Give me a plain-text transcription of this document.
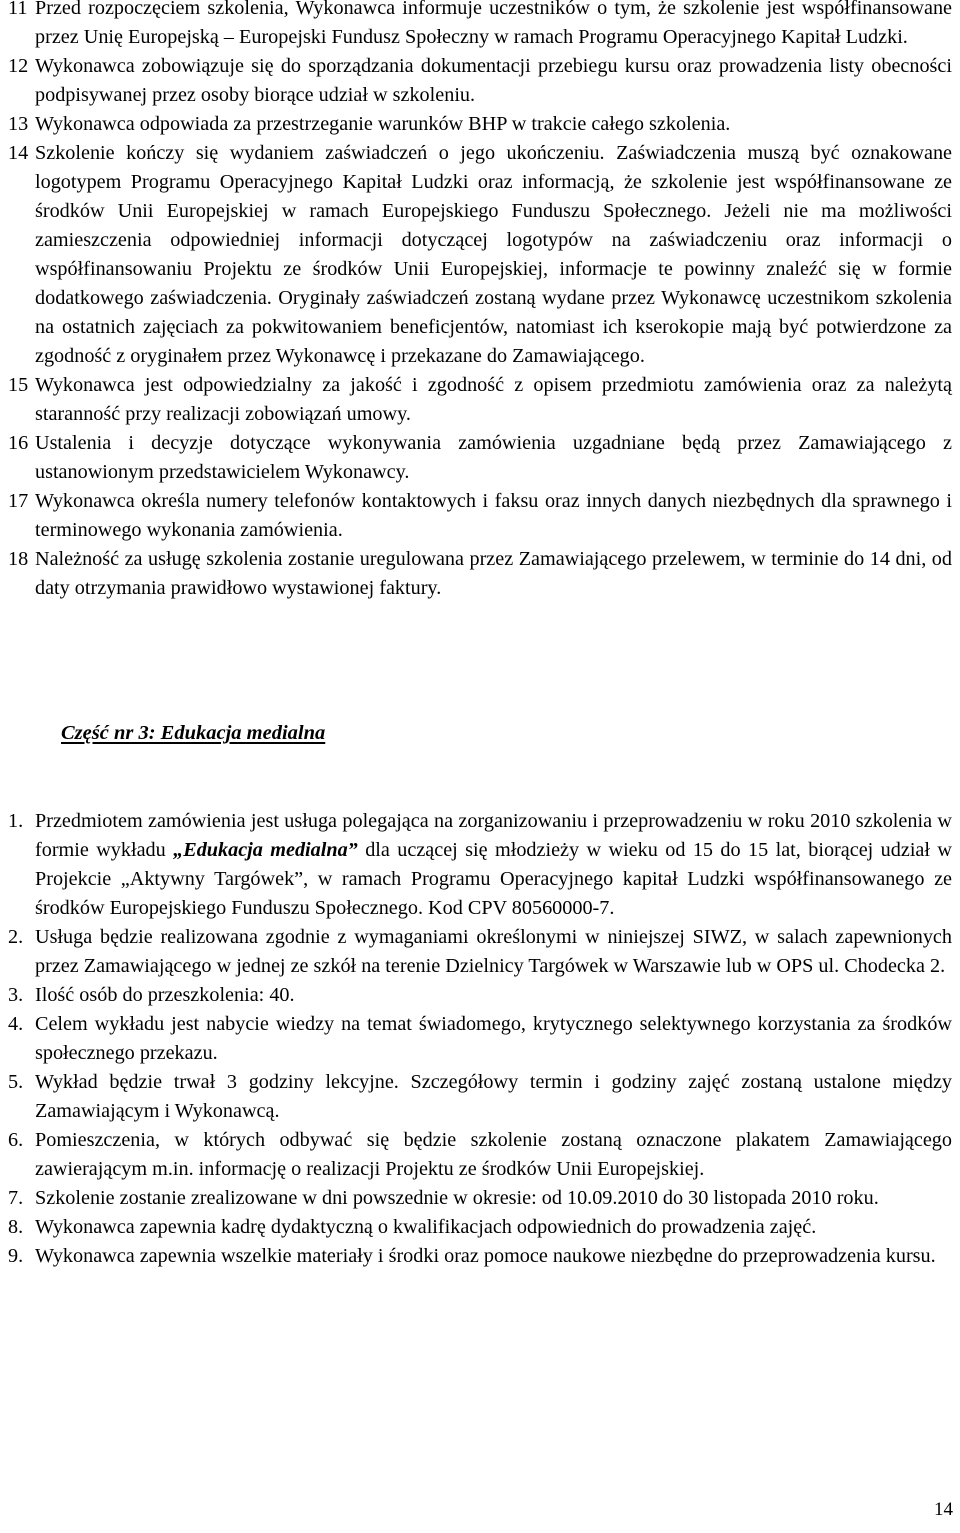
11 Przed rozpoczęciem szkolenia, Wykonawca informuje uczestników o tym, że szkolenie jest współfinansowane przez Unię Europejską – Europejski Fundusz Społeczny w ramach Programu Operacyjnego Kapitał Ludzki.
12 Wykonawca zobowiązuje się do sporządzania dokumentacji przebiegu kursu oraz prowadzenia listy obecności podpisywanej przez osoby biorące udział w szkoleniu.
13 Wykonawca odpowiada za przestrzeganie warunków BHP w trakcie całego szkolenia.
14 Szkolenie kończy się wydaniem zaświadczeń o jego ukończeniu. Zaświadczenia muszą być oznakowane logotypem Programu Operacyjnego Kapitał Ludzki oraz informacją, że szkolenie jest współfinansowane ze środków Unii Europejskiej w ramach Europejskiego Funduszu Społecznego. Jeżeli nie ma możliwości zamieszczenia odpowiedniej informacji dotyczącej logotypów na zaświadczeniu oraz informacji o współfinansowaniu Projektu ze środków Unii Europejskiej, informacje te powinny znaleźć się w formie dodatkowego zaświadczenia. Oryginały zaświadczeń zostaną wydane przez Wykonawcę uczestnikom szkolenia na ostatnich zajęciach za pokwitowaniem beneficjentów, natomiast ich kserokopie mają być potwierdzone za zgodność z oryginałem przez Wykonawcę i przekazane do Zamawiającego.
15 Wykonawca jest odpowiedzialny za jakość i zgodność z opisem przedmiotu zamówienia oraz za należytą staranność przy realizacji zobowiązań umowy.
16 Ustalenia i decyzje dotyczące wykonywania zamówienia uzgadniane będą przez Zamawiającego z ustanowionym przedstawicielem Wykonawcy.
17 Wykonawca określa numery telefonów kontaktowych i faksu oraz innych danych niezbędnych dla sprawnego i terminowego wykonania zamówienia.
18 Należność za usługę szkolenia zostanie uregulowana przez Zamawiającego przelewem, w terminie do 14 dni, od daty otrzymania prawidłowo wystawionej faktury.
Część nr 3: Edukacja medialna
1. Przedmiotem zamówienia jest usługa polegająca na zorganizowaniu i przeprowadzeniu w roku 2010 szkolenia w formie wykładu „Edukacja medialna” dla uczącej się młodzieży w wieku od 15 do 15 lat, biorącej udział w Projekcie „Aktywny Targówek”, w ramach Programu Operacyjnego kapitał Ludzki współfinansowanego ze środków Europejskiego Funduszu Społecznego. Kod CPV 80560000-7.
2. Usługa będzie realizowana zgodnie z wymaganiami określonymi w niniejszej SIWZ, w salach zapewnionych przez Zamawiającego w jednej ze szkół na terenie Dzielnicy Targówek w Warszawie lub w OPS ul. Chodecka 2.
3. Ilość osób do przeszkolenia: 40.
4. Celem wykładu jest nabycie wiedzy na temat świadomego, krytycznego selektywnego korzystania za środków społecznego przekazu.
5. Wykład będzie trwał 3 godziny lekcyjne. Szczegółowy termin i godziny zajęć zostaną ustalone między Zamawiającym i Wykonawcą.
6. Pomieszczenia, w których odbywać się będzie szkolenie zostaną oznaczone plakatem Zamawiającego zawierającym m.in. informację o realizacji Projektu ze środków Unii Europejskiej.
7. Szkolenie zostanie zrealizowane w dni powszednie w okresie: od 10.09.2010 do 30 listopada 2010 roku.
8. Wykonawca zapewnia kadrę dydaktyczną o kwalifikacjach odpowiednich do prowadzenia zajęć.
9. Wykonawca zapewnia wszelkie materiały i środki oraz pomoce naukowe niezbędne do przeprowadzenia kursu.
14
